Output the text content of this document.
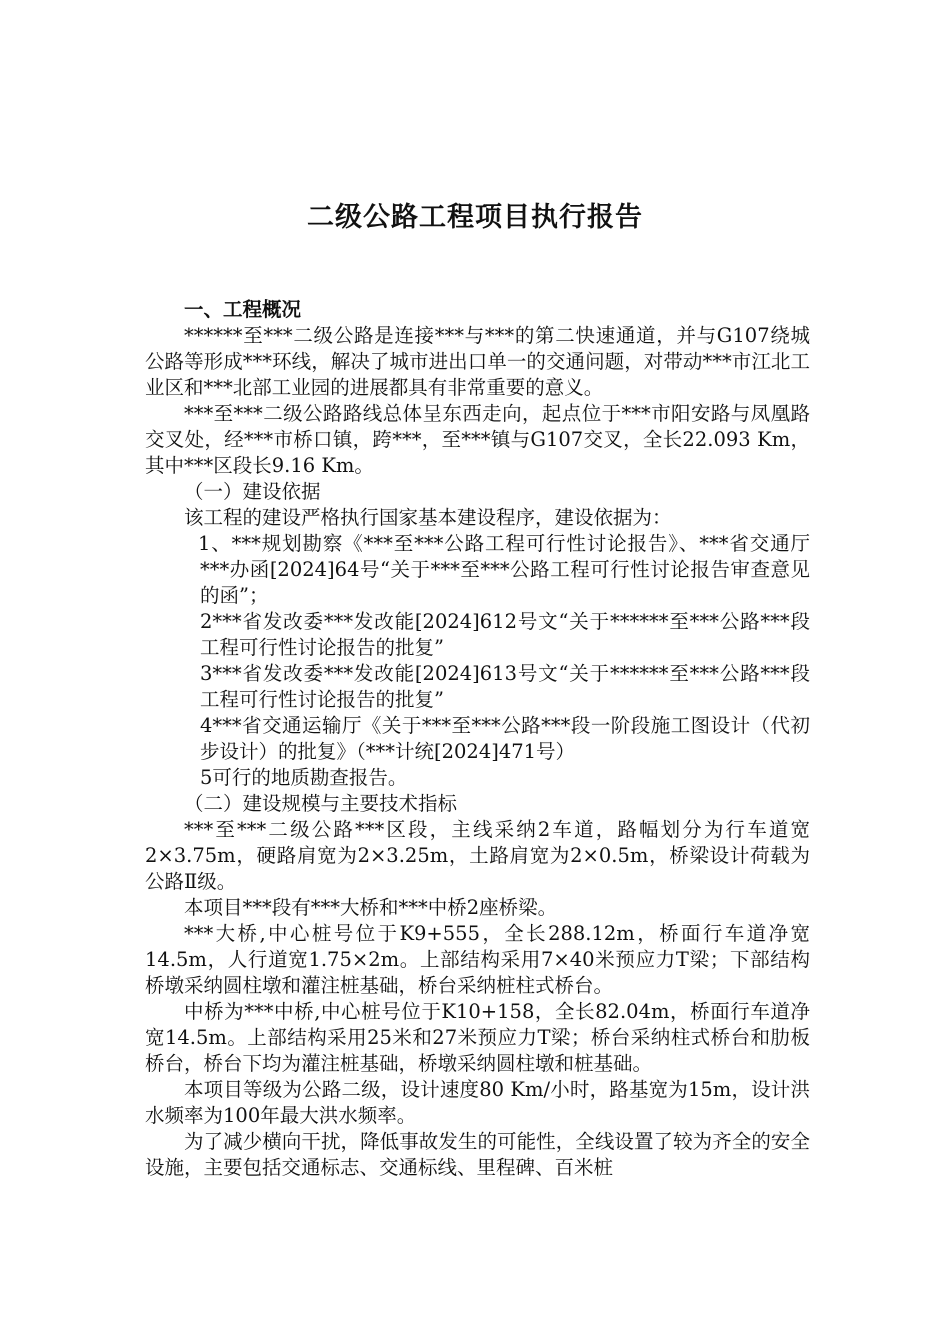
二级公路工程项目执行报告

一、工程概况

******至***二级公路是连接***与***的第二快速通道，并与G107绕城公路等形成***环线，解决了城市进出口单一的交通问题，对带动***市江北工业区和***北部工业园的进展都具有非常重要的意义。

***至***二级公路路线总体呈东西走向，起点位于***市阳安路与凤凰路交叉处，经***市桥口镇，跨***，至***镇与G107交叉，全长22.093 Km，其中***区段长9.16 Km。

（一）建设依据

该工程的建设严格执行国家基本建设程序，建设依据为：

1、***规划勘察《***至***公路工程可行性讨论报告》、***省交通厅***办函[2024]64号“关于***至***公路工程可行性讨论报告审查意见的函”；

2***省发改委***发改能[2024]612号文“关于******至***公路***段工程可行性讨论报告的批复”

3***省发改委***发改能[2024]613号文“关于******至***公路***段工程可行性讨论报告的批复”

4***省交通运输厅《关于***至***公路***段一阶段施工图设计（代初步设计）的批复》（***计统[2024]471号）

5可行的地质勘查报告。

（二）建设规模与主要技术指标

***至***二级公路***区段，主线采纳2车道，路幅划分为行车道宽2×3.75m，硬路肩宽为2×3.25m，土路肩宽为2×0.5m，桥梁设计荷载为公路Ⅱ级。

本项目***段有***大桥和***中桥2座桥梁。

***大桥,中心桩号位于K9+555，全长288.12m，桥面行车道净宽14.5m，人行道宽1.75×2m。上部结构采用7×40米预应力T梁；下部结构桥墩采纳圆柱墩和灌注桩基础，桥台采纳桩柱式桥台。

中桥为***中桥,中心桩号位于K10+158，全长82.04m，桥面行车道净宽14.5m。上部结构采用25米和27米预应力T梁；桥台采纳柱式桥台和肋板桥台，桥台下均为灌注桩基础，桥墩采纳圆柱墩和桩基础。

本项目等级为公路二级，设计速度80 Km/小时，路基宽为15m，设计洪水频率为100年最大洪水频率。

为了减少横向干扰，降低事故发生的可能性，全线设置了较为齐全的安全设施，主要包括交通标志、交通标线、里程碑、百米桩
